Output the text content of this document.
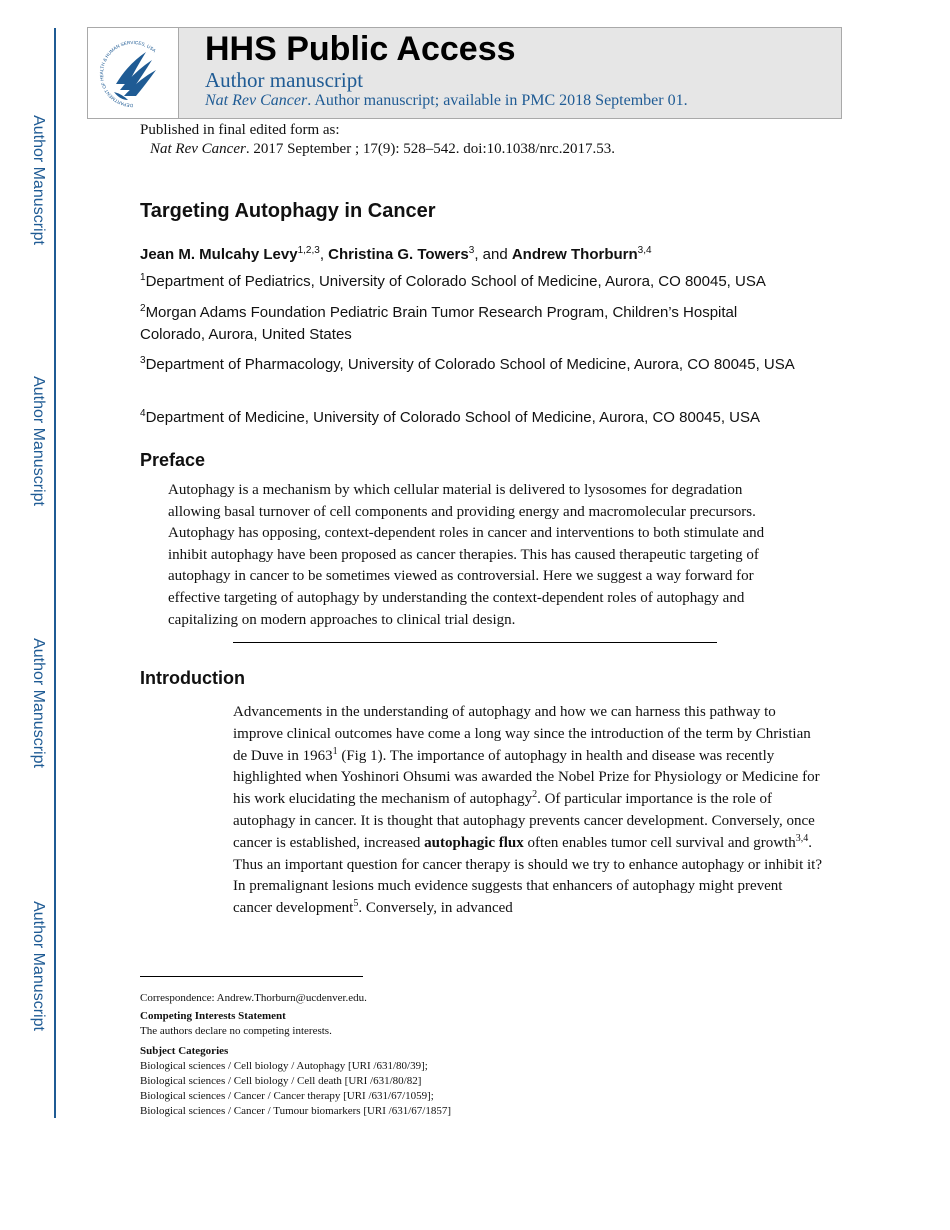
Author Manuscript
Author Manuscript
Author Manuscript
Author Manuscript
DEPARTMENT OF HEALTH & HUMAN SERVICES, USA HHS Public Access
Author manuscript
Nat Rev Cancer. Author manuscript; available in PMC 2018 September 01.
Published in final edited form as:
Nat Rev Cancer. 2017 September ; 17(9): 528–542. doi:10.1038/nrc.2017.53.
Targeting Autophagy in Cancer
Jean M. Mulcahy Levy$^{1,2,3}$, Christina G. Towers$^3$, and Andrew Thorburn$^{3,4}$
$^1$Department of Pediatrics, University of Colorado School of Medicine, Aurora, CO 80045, USA
$^2$Morgan Adams Foundation Pediatric Brain Tumor Research Program, Children’s Hospital Colorado, Aurora, United States
$^3$Department of Pharmacology, University of Colorado School of Medicine, Aurora, CO 80045, USA
$^4$Department of Medicine, University of Colorado School of Medicine, Aurora, CO 80045, USA
Preface
Autophagy is a mechanism by which cellular material is delivered to lysosomes for degradation allowing basal turnover of cell components and providing energy and macromolecular precursors. Autophagy has opposing, context-dependent roles in cancer and interventions to both stimulate and inhibit autophagy have been proposed as cancer therapies. This has caused therapeutic targeting of autophagy in cancer to be sometimes viewed as controversial. Here we suggest a way forward for effective targeting of autophagy by understanding the context-dependent roles of autophagy and capitalizing on modern approaches to clinical trial design.
Introduction
Advancements in the understanding of autophagy and how we can harness this pathway to improve clinical outcomes have come a long way since the introduction of the term by Christian de Duve in 1963$^1$ (Fig 1). The importance of autophagy in health and disease was recently highlighted when Yoshinori Ohsumi was awarded the Nobel Prize for Physiology or Medicine for his work elucidating the mechanism of autophagy$^2$. Of particular importance is the role of autophagy in cancer. It is thought that autophagy prevents cancer development. Conversely, once cancer is established, increased autophagic flux often enables tumor cell survival and growth$^{3,4}$. Thus an important question for cancer therapy is should we try to enhance autophagy or inhibit it? In premalignant lesions much evidence suggests that enhancers of autophagy might prevent cancer development$^5$. Conversely, in advanced
Correspondence: Andrew.Thorburn@ucdenver.edu.
Competing Interests Statement
The authors declare no competing interests.
Subject Categories
Biological sciences / Cell biology / Autophagy [URI /631/80/39];
Biological sciences / Cell biology / Cell death [URI /631/80/82]
Biological sciences / Cancer / Cancer therapy [URI /631/67/1059];
Biological sciences / Cancer / Tumour biomarkers [URI /631/67/1857]
